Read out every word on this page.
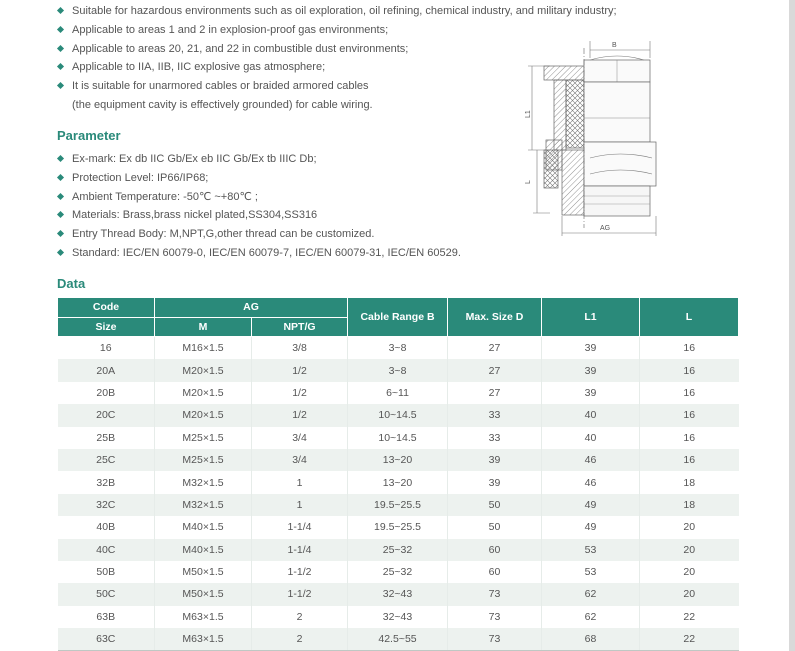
Suitable for hazardous environments such as oil exploration, oil refining, chemical industry, and military industry;
Applicable to areas 1 and 2 in explosion-proof gas environments;
Applicable to areas 20, 21, and 22 in combustible dust environments;
Applicable to IIA, IIB, IIC explosive gas atmosphere;
It is suitable for unarmored cables or braided armored cables
(the equipment cavity is effectively grounded) for cable wiring.
Parameter
Ex-mark: Ex db IIC Gb/Ex eb IIC Gb/Ex tb IIIC Db;
Protection Level: IP66/IP68;
Ambient Temperature: -50℃ ~+80℃ ;
Materials: Brass,brass nickel plated,SS304,SS316
Entry Thread Body: M,NPT,G,other thread can be customized.
Standard: IEC/EN 60079-0, IEC/EN 60079-7, IEC/EN 60079-31, IEC/EN 60529.
B
L1
L
AG
Data
Code	AG		Cable Range B	Max. Size D	L1	L
Size	M	NPT/G				
16	M16×1.5	3/8	3~8	27	39	16
20A	M20×1.5	1/2	3~8	27	39	16
20B	M20×1.5	1/2	6~11	27	39	16
20C	M20×1.5	1/2	10~14.5	33	40	16
25B	M25×1.5	3/4	10~14.5	33	40	16
25C	M25×1.5	3/4	13~20	39	46	16
32B	M32×1.5	1	13~20	39	46	18
32C	M32×1.5	1	19.5~25.5	50	49	18
40B	M40×1.5	1-1/4	19.5~25.5	50	49	20
40C	M40×1.5	1-1/4	25~32	60	53	20
50B	M50×1.5	1-1/2	25~32	60	53	20
50C	M50×1.5	1-1/2	32~43	73	62	20
63B	M63×1.5	2	32~43	73	62	22
63C	M63×1.5	2	42.5~55	73	68	22
